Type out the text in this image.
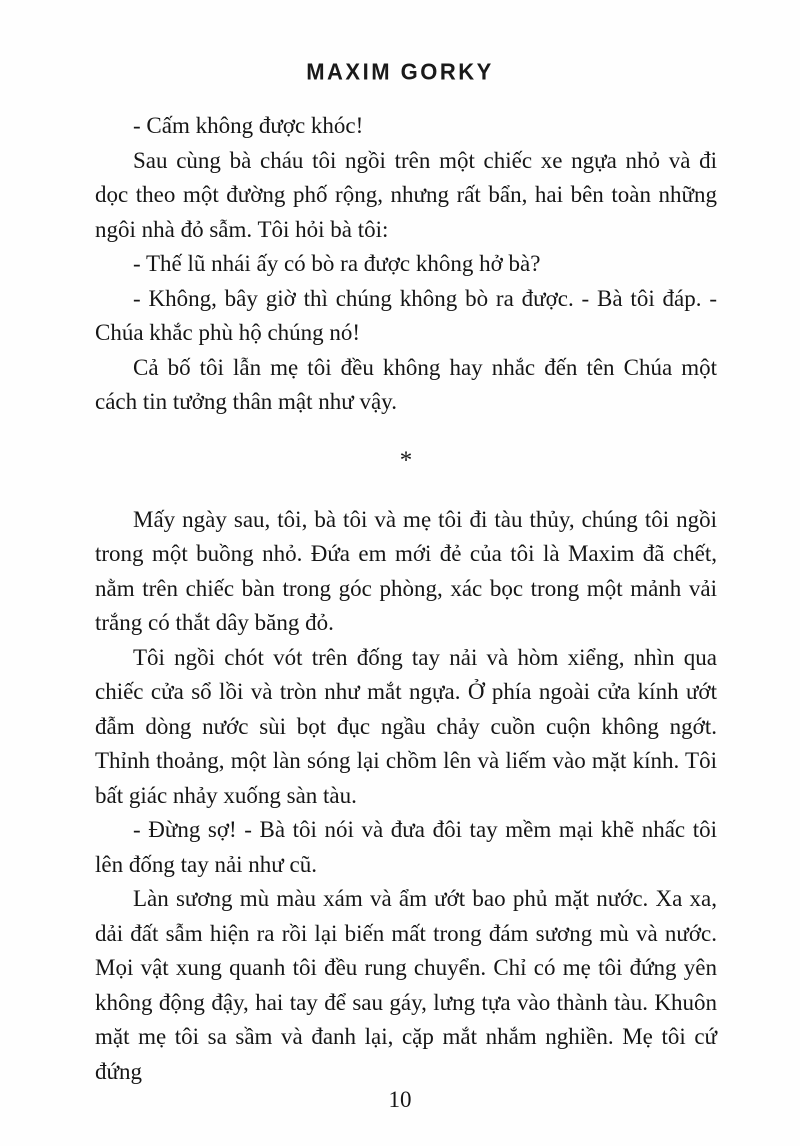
MAXIM GORKY

- Cấm không được khóc!

Sau cùng bà cháu tôi ngồi trên một chiếc xe ngựa nhỏ và đi dọc theo một đường phố rộng, nhưng rất bẩn, hai bên toàn những ngôi nhà đỏ sẫm. Tôi hỏi bà tôi:

- Thế lũ nhái ấy có bò ra được không hở bà?

- Không, bây giờ thì chúng không bò ra được. - Bà tôi đáp. - Chúa khắc phù hộ chúng nó!

Cả bố tôi lẫn mẹ tôi đều không hay nhắc đến tên Chúa một cách tin tưởng thân mật như vậy.

*

Mấy ngày sau, tôi, bà tôi và mẹ tôi đi tàu thủy, chúng tôi ngồi trong một buồng nhỏ. Đứa em mới đẻ của tôi là Maxim đã chết, nằm trên chiếc bàn trong góc phòng, xác bọc trong một mảnh vải trắng có thắt dây băng đỏ.

Tôi ngồi chót vót trên đống tay nải và hòm xiểng, nhìn qua chiếc cửa sổ lồi và tròn như mắt ngựa. Ở phía ngoài cửa kính ướt đẫm dòng nước sùi bọt đục ngầu chảy cuồn cuộn không ngớt. Thỉnh thoảng, một làn sóng lại chồm lên và liếm vào mặt kính. Tôi bất giác nhảy xuống sàn tàu.

- Đừng sợ! - Bà tôi nói và đưa đôi tay mềm mại khẽ nhấc tôi lên đống tay nải như cũ.

Làn sương mù màu xám và ẩm ướt bao phủ mặt nước. Xa xa, dải đất sẫm hiện ra rồi lại biến mất trong đám sương mù và nước. Mọi vật xung quanh tôi đều rung chuyển. Chỉ có mẹ tôi đứng yên không động đậy, hai tay để sau gáy, lưng tựa vào thành tàu. Khuôn mặt mẹ tôi sa sầm và đanh lại, cặp mắt nhắm nghiền. Mẹ tôi cứ đứng

10
